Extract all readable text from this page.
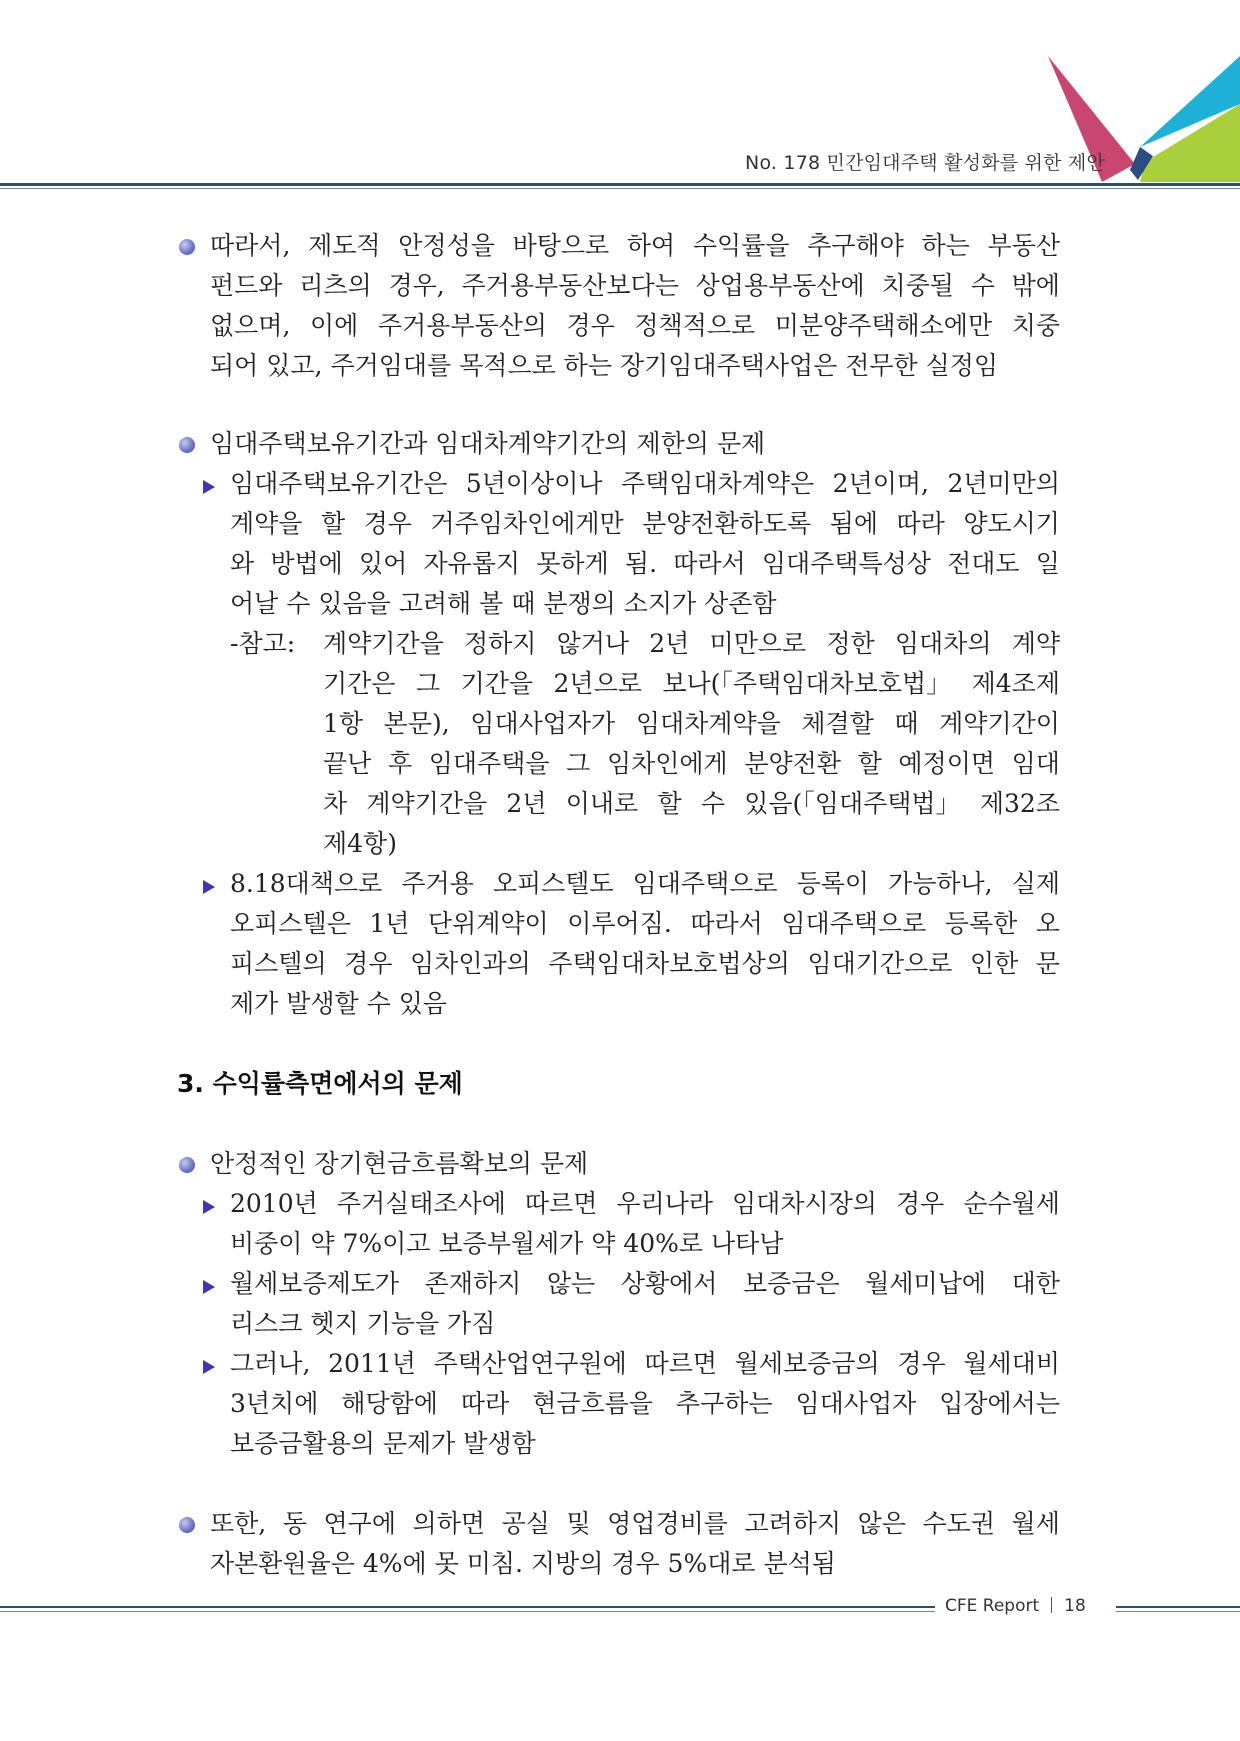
No. 178 민간임대주택 활성화를 위한 제안
따라서, 제도적 안정성을 바탕으로 하여 수익률을 추구해야 하는 부동산
펀드와 리츠의 경우, 주거용부동산보다는 상업용부동산에 치중될 수 밖에
없으며, 이에 주거용부동산의 경우 정책적으로 미분양주택해소에만 치중
되어 있고, 주거임대를 목적으로 하는 장기임대주택사업은 전무한 실정임
임대주택보유기간과 임대차계약기간의 제한의 문제
임대주택보유기간은 5년이상이나 주택임대차계약은 2년이며, 2년미만의
계약을 할 경우 거주임차인에게만 분양전환하도록 됨에 따라 양도시기
와 방법에 있어 자유롭지 못하게 됨. 따라서 임대주택특성상 전대도 일
어날 수 있음을 고려해 볼 때 분쟁의 소지가 상존함
-참고: 계약기간을 정하지 않거나 2년 미만으로 정한 임대차의 계약
기간은 그 기간을 2년으로 보나(「주택임대차보호법」 제4조제
1항 본문), 임대사업자가 임대차계약을 체결할 때 계약기간이
끝난 후 임대주택을 그 임차인에게 분양전환 할 예정이면 임대
차 계약기간을 2년 이내로 할 수 있음(「임대주택법」 제32조
제4항)
8.18대책으로 주거용 오피스텔도 임대주택으로 등록이 가능하나, 실제
오피스텔은 1년 단위계약이 이루어짐. 따라서 임대주택으로 등록한 오
피스텔의 경우 임차인과의 주택임대차보호법상의 임대기간으로 인한 문
제가 발생할 수 있음
3. 수익률측면에서의 문제
안정적인 장기현금흐름확보의 문제
2010년 주거실태조사에 따르면 우리나라 임대차시장의 경우 순수월세
비중이 약 7%이고 보증부월세가 약 40%로 나타남
월세보증제도가 존재하지 않는 상황에서 보증금은 월세미납에 대한
리스크 헷지 기능을 가짐
그러나, 2011년 주택산업연구원에 따르면 월세보증금의 경우 월세대비
3년치에 해당함에 따라 현금흐름을 추구하는 임대사업자 입장에서는
보증금활용의 문제가 발생함
또한, 동 연구에 의하면 공실 및 영업경비를 고려하지 않은 수도권 월세
자본환원율은 4%에 못 미침. 지방의 경우 5%대로 분석됨
CFE Report 18
